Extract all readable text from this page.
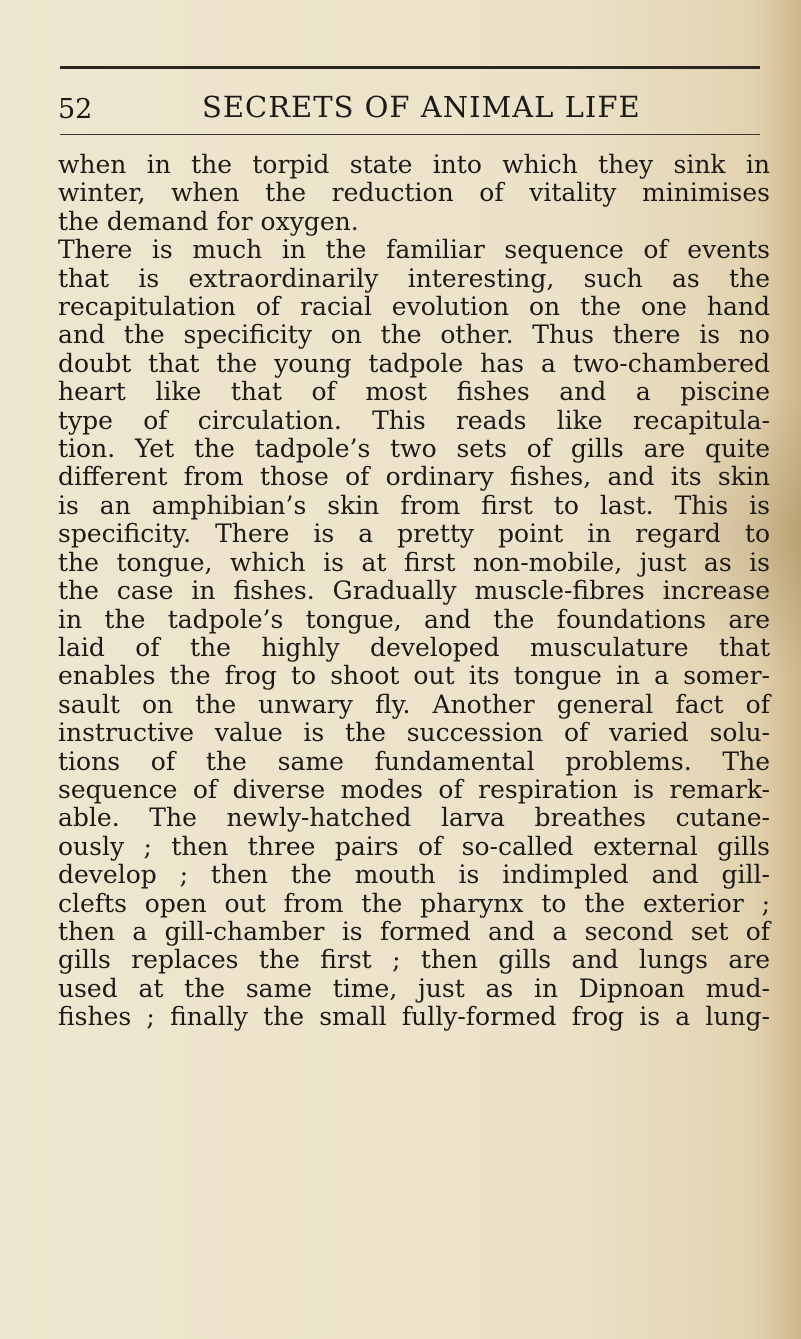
52	SECRETS OF ANIMAL LIFE
when in the torpid state into which they sink in
winter, when the reduction of vitality minimises
the demand for oxygen.
There is much in the familiar sequence of events
that is extraordinarily interesting, such as the
recapitulation of racial evolution on the one hand
and the specificity on the other. Thus there is no
doubt that the young tadpole has a two-chambered
heart like that of most fishes and a piscine
type of circulation. This reads like recapitula-
tion. Yet the tadpole’s two sets of gills are quite
different from those of ordinary fishes, and its skin
is an amphibian’s skin from first to last. This is
specificity. There is a pretty point in regard to
the tongue, which is at first non-mobile, just as is
the case in fishes. Gradually muscle-fibres increase
in the tadpole’s tongue, and the foundations are
laid of the highly developed musculature that
enables the frog to shoot out its tongue in a somer-
sault on the unwary fly. Another general fact of
instructive value is the succession of varied solu-
tions of the same fundamental problems. The
sequence of diverse modes of respiration is remark-
able. The newly-hatched larva breathes cutane-
ously ; then three pairs of so-called external gills
develop ; then the mouth is indimpled and gill-
clefts open out from the pharynx to the exterior ;
then a gill-chamber is formed and a second set of
gills replaces the first ; then gills and lungs are
used at the same time, just as in Dipnoan mud-
fishes ; finally the small fully-formed frog is a lung-
